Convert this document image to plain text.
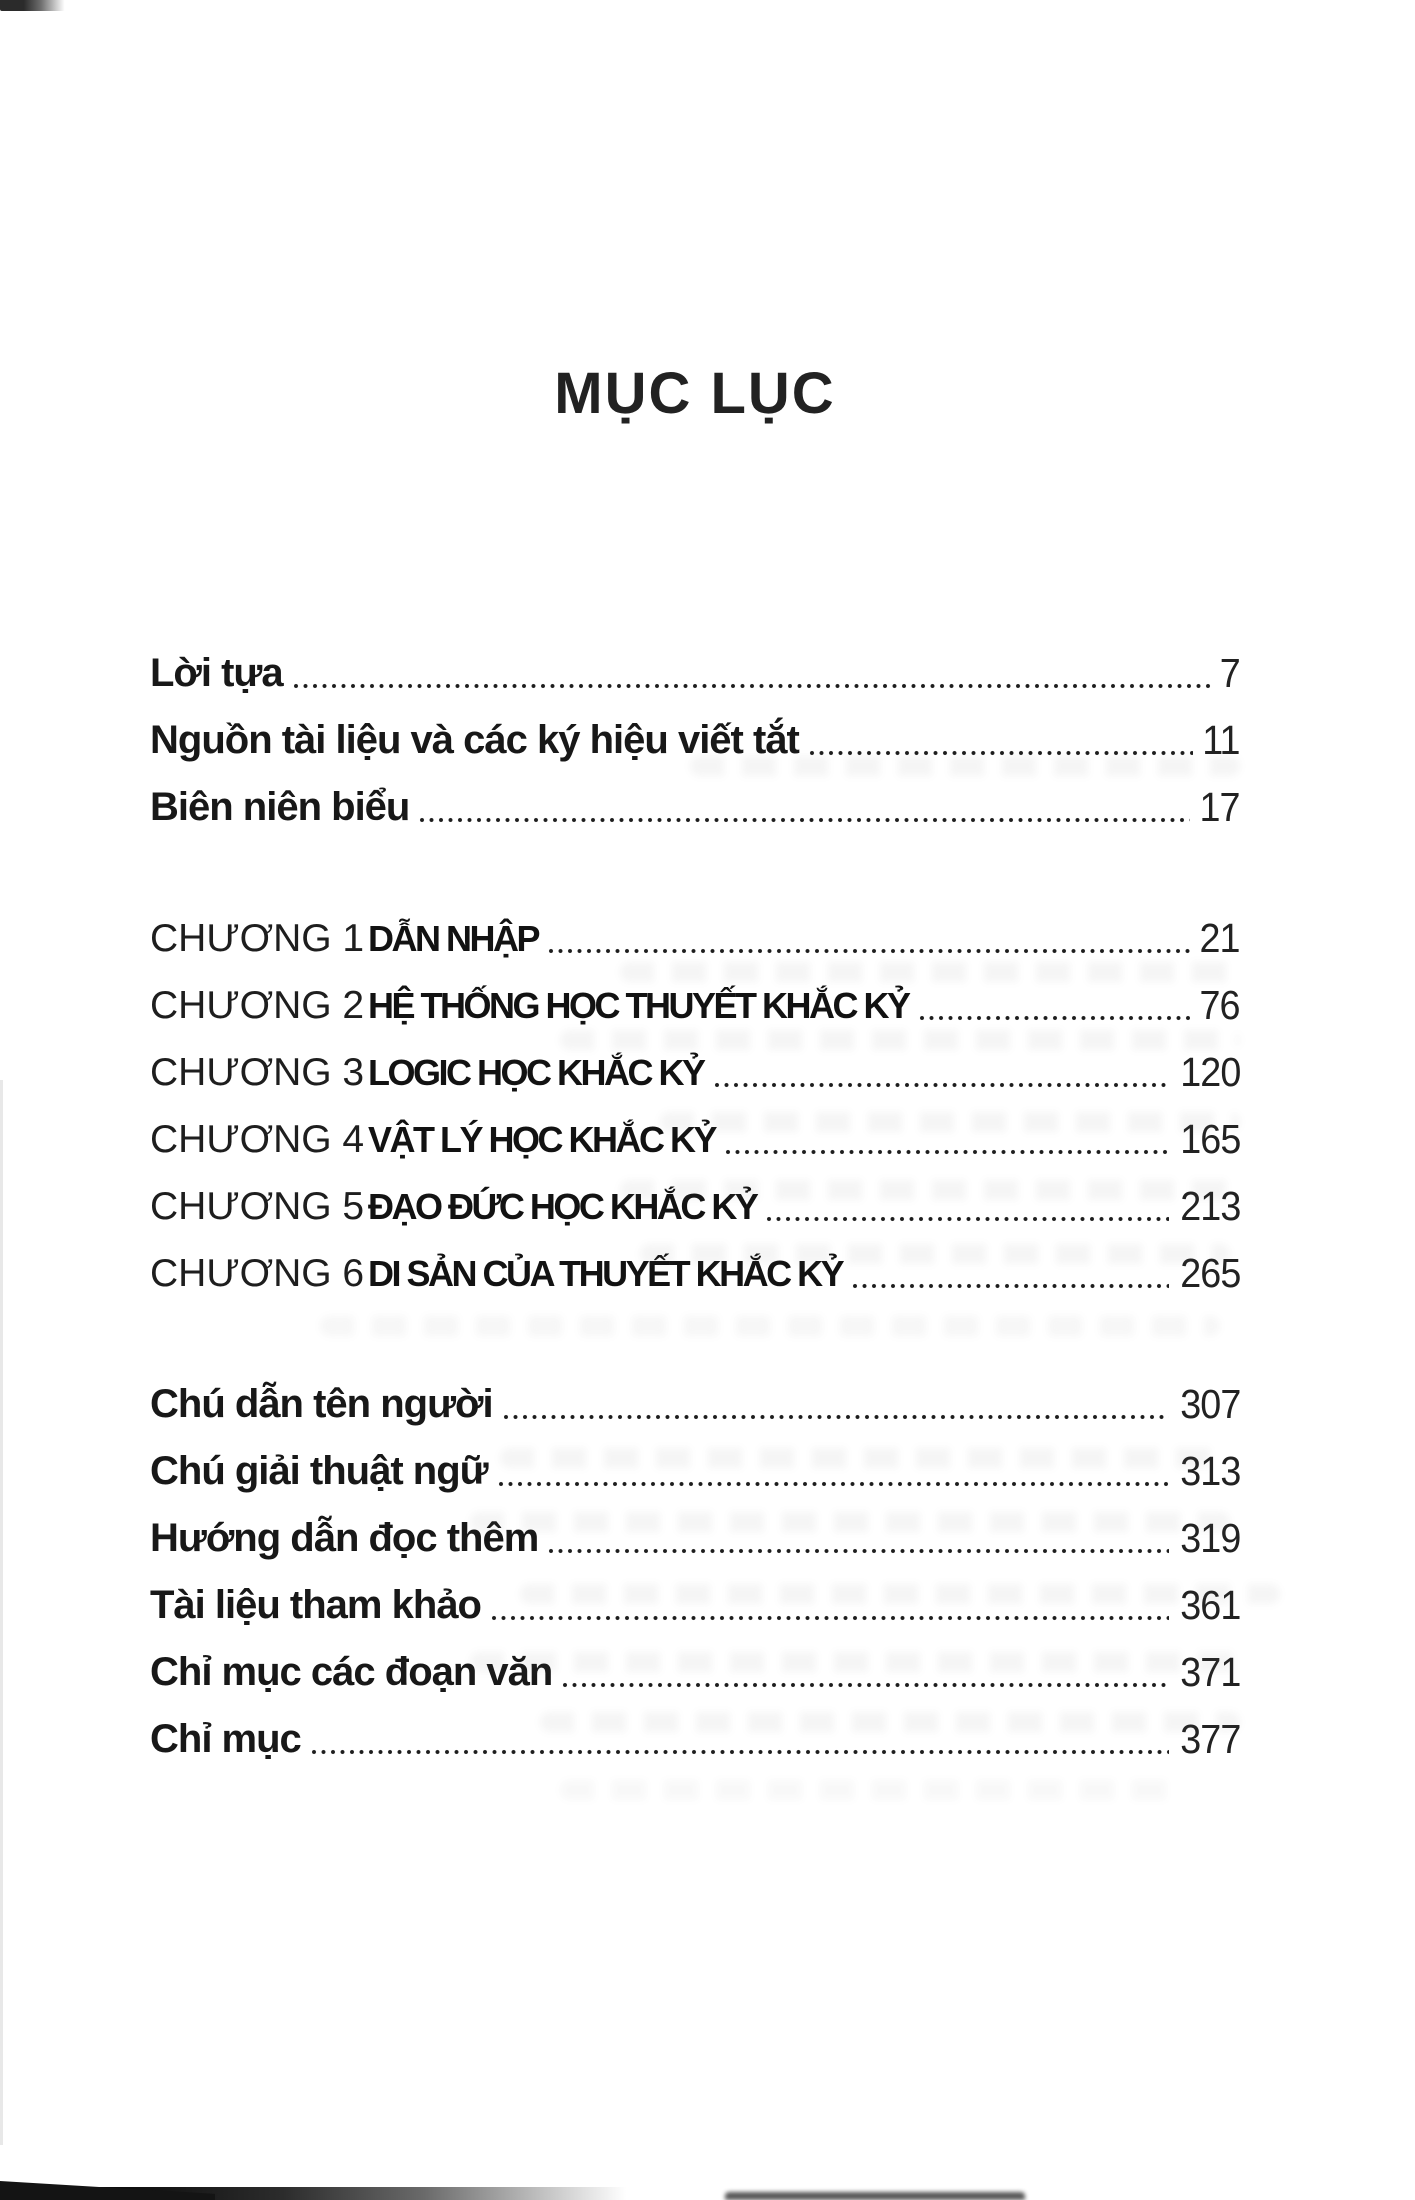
MỤC LỤC
Lời tựa	7
Nguồn tài liệu và các ký hiệu viết tắt	11
Biên niên biểu	17
CHƯƠNG 1 DẪN NHẬP	21
CHƯƠNG 2 HỆ THỐNG HỌC THUYẾT KHẮC KỶ	76
CHƯƠNG 3 LOGIC HỌC KHẮC KỶ	120
CHƯƠNG 4 VẬT LÝ HỌC KHẮC KỶ	165
CHƯƠNG 5 ĐẠO ĐỨC HỌC KHẮC KỶ	213
CHƯƠNG 6 DI SẢN CỦA THUYẾT KHẮC KỶ	265
Chú dẫn tên người	307
Chú giải thuật ngữ	313
Hướng dẫn đọc thêm	319
Tài liệu tham khảo	361
Chỉ mục các đoạn văn	371
Chỉ mục	377
